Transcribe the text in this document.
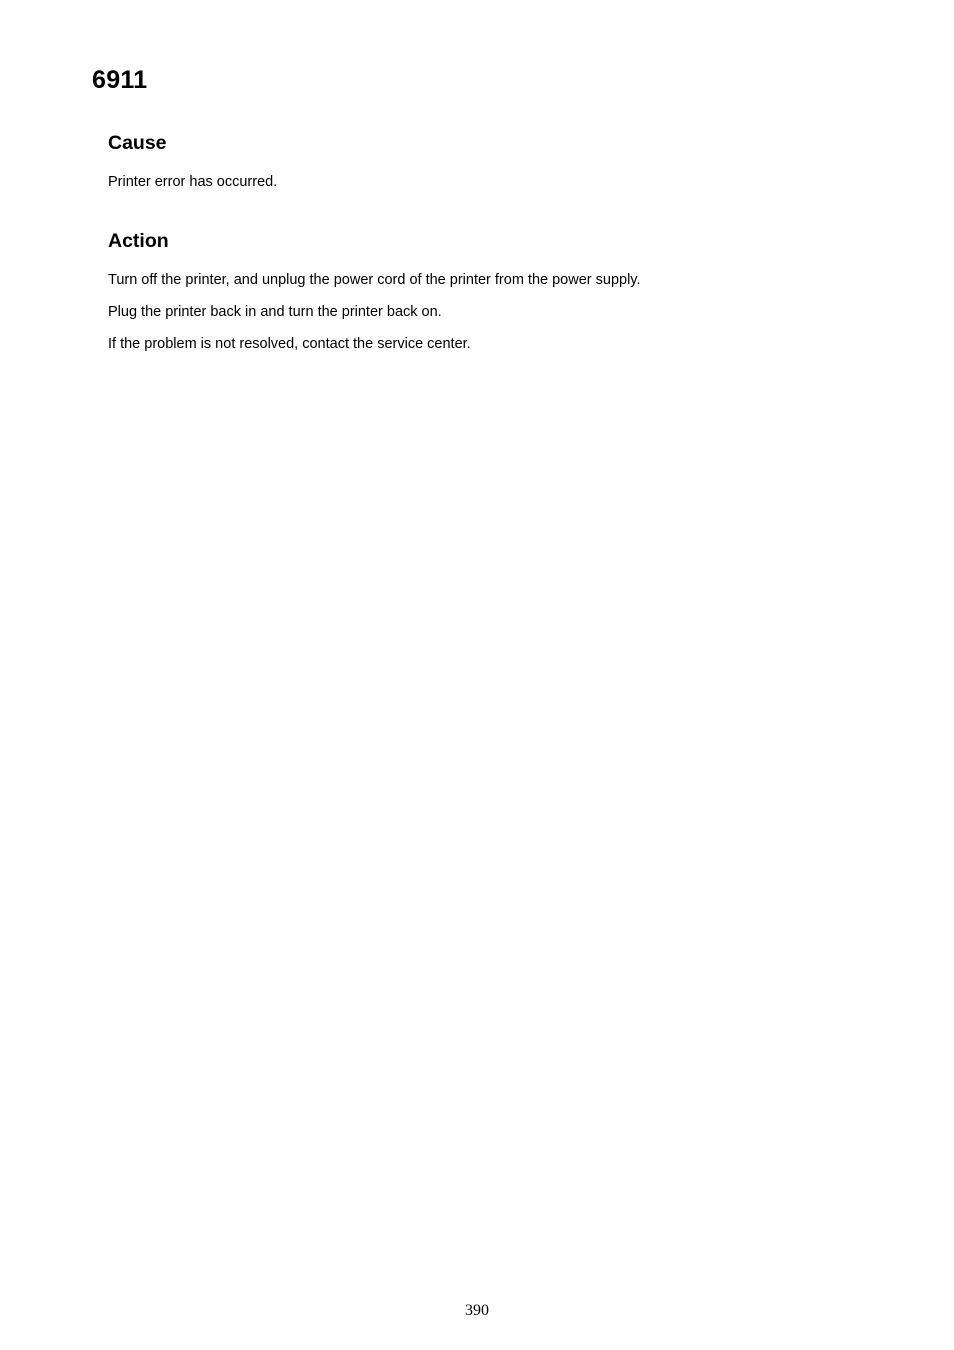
6911
Cause

Printer error has occurred.

Action

Turn off the printer, and unplug the power cord of the printer from the power supply.

Plug the printer back in and turn the printer back on.

If the problem is not resolved, contact the service center.

390
